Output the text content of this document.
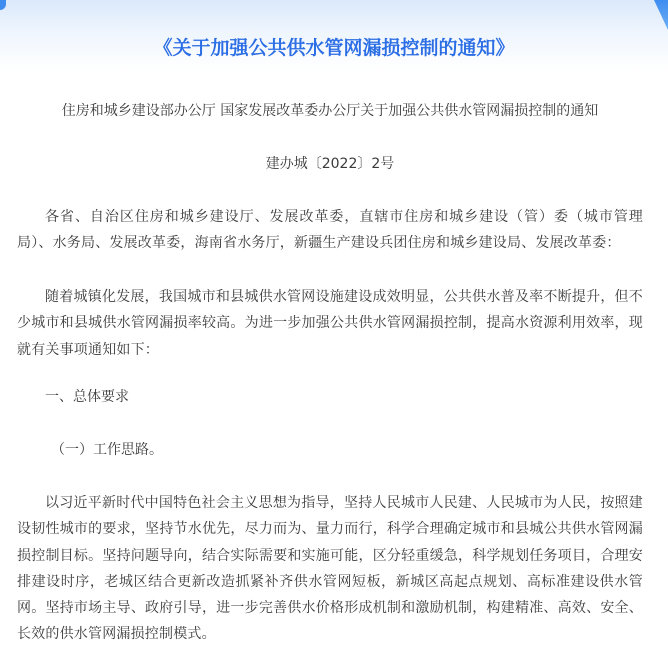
《关于加强公共供水管网漏损控制的通知》
住房和城乡建设部办公厅 国家发展改革委办公厅关于加强公共供水管网漏损控制的通知
建办城〔2022〕2号

各省、自治区住房和城乡建设厅、发展改革委，直辖市住房和城乡建设（管）委（城市管理局）、水务局、发展改革委，海南省水务厅，新疆生产建设兵团住房和城乡建设局、发展改革委：

随着城镇化发展，我国城市和县城供水管网设施建设成效明显，公共供水普及率不断提升，但不少城市和县城供水管网漏损率较高。为进一步加强公共供水管网漏损控制，提高水资源利用效率，现就有关事项通知如下：

一、总体要求
（一）工作思路。

以习近平新时代中国特色社会主义思想为指导，坚持人民城市人民建、人民城市为人民，按照建设韧性城市的要求，坚持节水优先，尽力而为、量力而行，科学合理确定城市和县城公共供水管网漏损控制目标。坚持问题导向，结合实际需要和实施可能，区分轻重缓急，科学规划任务项目，合理安排建设时序，老城区结合更新改造抓紧补齐供水管网短板，新城区高起点规划、高标准建设供水管网。坚持市场主导、政府引导，进一步完善供水价格形成机制和激励机制，构建精准、高效、安全、长效的供水管网漏损控制模式。
